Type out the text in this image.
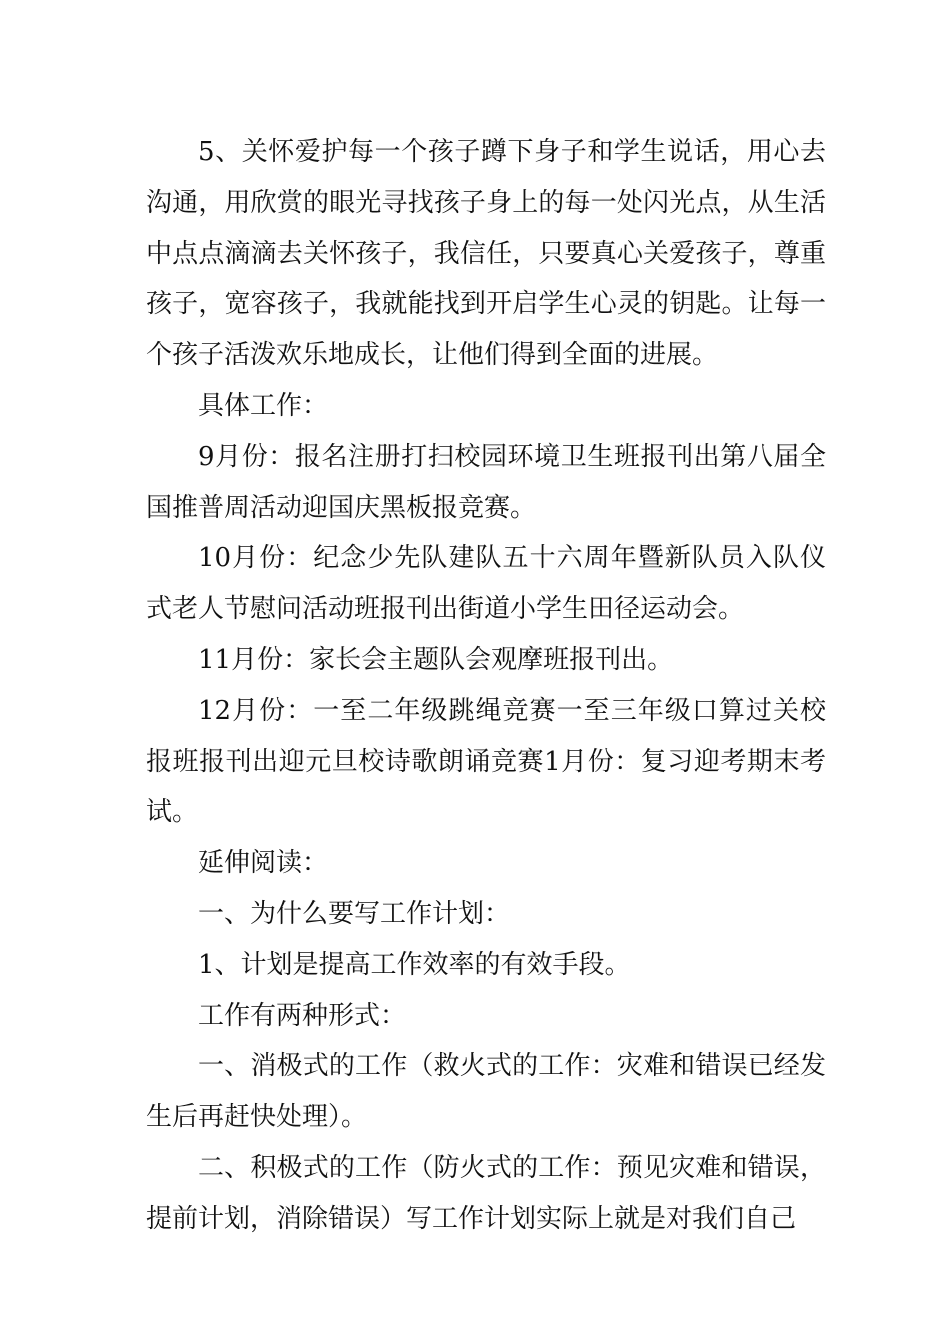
5、关怀爱护每一个孩子蹲下身子和学生说话，用心去沟通，用欣赏的眼光寻找孩子身上的每一处闪光点，从生活中点点滴滴去关怀孩子，我信任，只要真心关爱孩子，尊重孩子，宽容孩子，我就能找到开启学生心灵的钥匙。让每一个孩子活泼欢乐地成长，让他们得到全面的进展。

具体工作：

9月份：报名注册打扫校园环境卫生班报刊出第八届全国推普周活动迎国庆黑板报竞赛。

10月份：纪念少先队建队五十六周年暨新队员入队仪式老人节慰问活动班报刊出街道小学生田径运动会。

11月份：家长会主题队会观摩班报刊出。

12月份：一至二年级跳绳竞赛一至三年级口算过关校报班报刊出迎元旦校诗歌朗诵竞赛1月份：复习迎考期末考试。

延伸阅读：

一、为什么要写工作计划：

1、计划是提高工作效率的有效手段。

工作有两种形式：

一、消极式的工作（救火式的工作：灾难和错误已经发生后再赶快处理）。

二、积极式的工作（防火式的工作：预见灾难和错误，提前计划，消除错误）写工作计划实际上就是对我们自己
